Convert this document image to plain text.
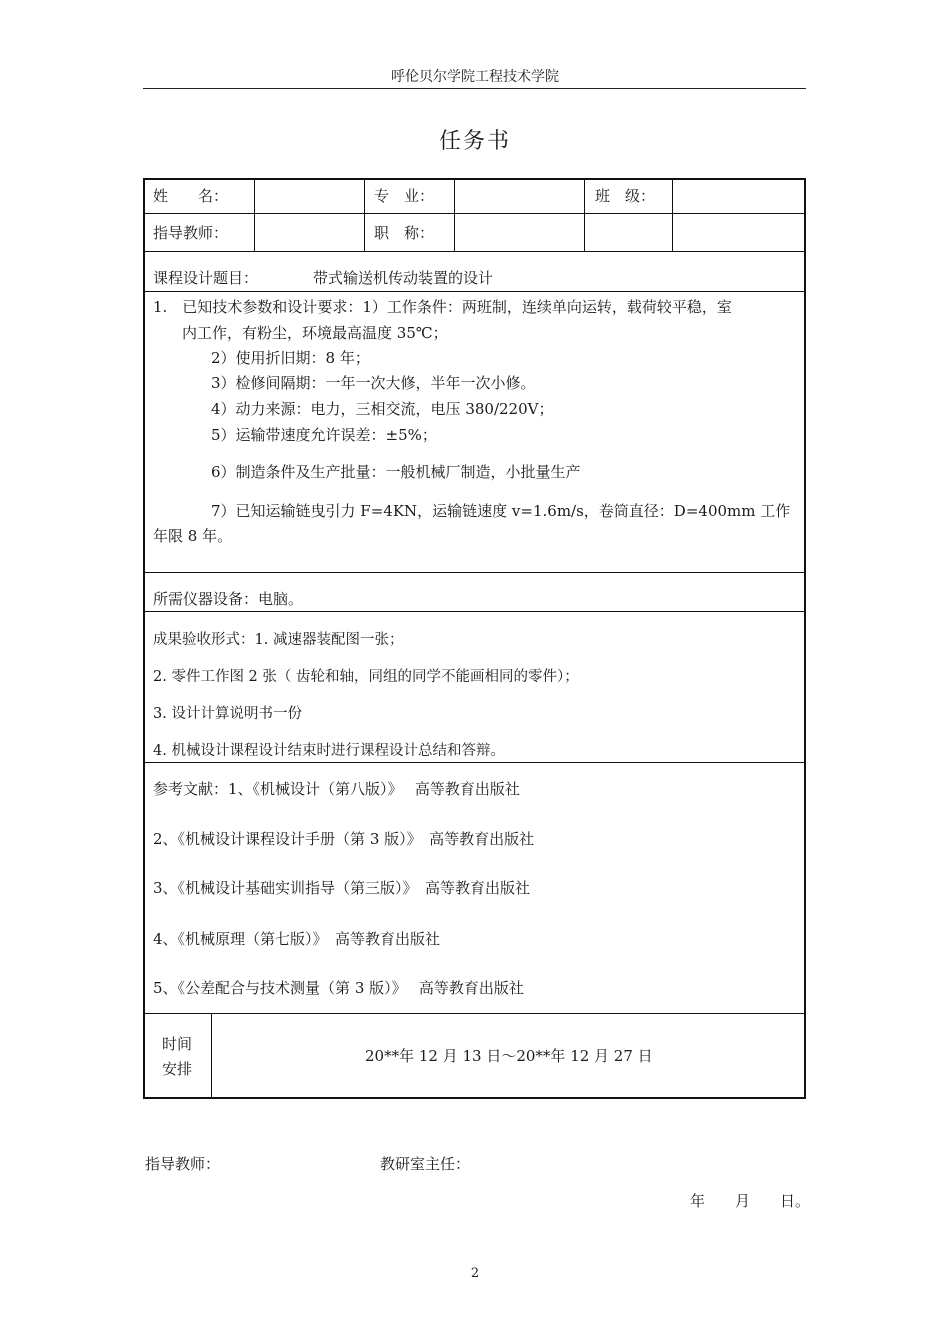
呼伦贝尔学院工程技术学院
任务书
姓　　名：	专　业：	班　级：
指导教师：	职　称：
课程设计题目：	带式输送机传动装置的设计
1.　已知技术参数和设计要求：1）工作条件：两班制，连续单向运转，载荷较平稳，室
内工作，有粉尘，环境最高温度 35℃；
2）使用折旧期：8 年；
3）检修间隔期：一年一次大修，半年一次小修。
4）动力来源：电力，三相交流，电压 380/220V；
5）运输带速度允许误差：±5%；
6）制造条件及生产批量：一般机械厂制造，小批量生产
7）已知运输链曳引力 F=4KN，运输链速度 v=1.6m/s，卷筒直径：D=400mm 工作
年限 8 年。
所需仪器设备：电脑。
成果验收形式：1. 减速器装配图一张；
2. 零件工作图 2 张（ 齿轮和轴，同组的同学不能画相同的零件）；
3. 设计计算说明书一份
4. 机械设计课程设计结束时进行课程设计总结和答辩。
参考文献：1、《机械设计（第八版）》　 高等教育出版社
2、《机械设计课程设计手册（第 3 版）》　高等教育出版社
3、《机械设计基础实训指导（第三版）》　高等教育出版社
4、《机械原理（第七版）》　高等教育出版社
5、《公差配合与技术测量（第 3 版）》　 高等教育出版社
时间
安排
20**年 12 月 13 日～20**年 12 月 27 日
指导教师：	教研室主任：
年　　月　　日。
2
